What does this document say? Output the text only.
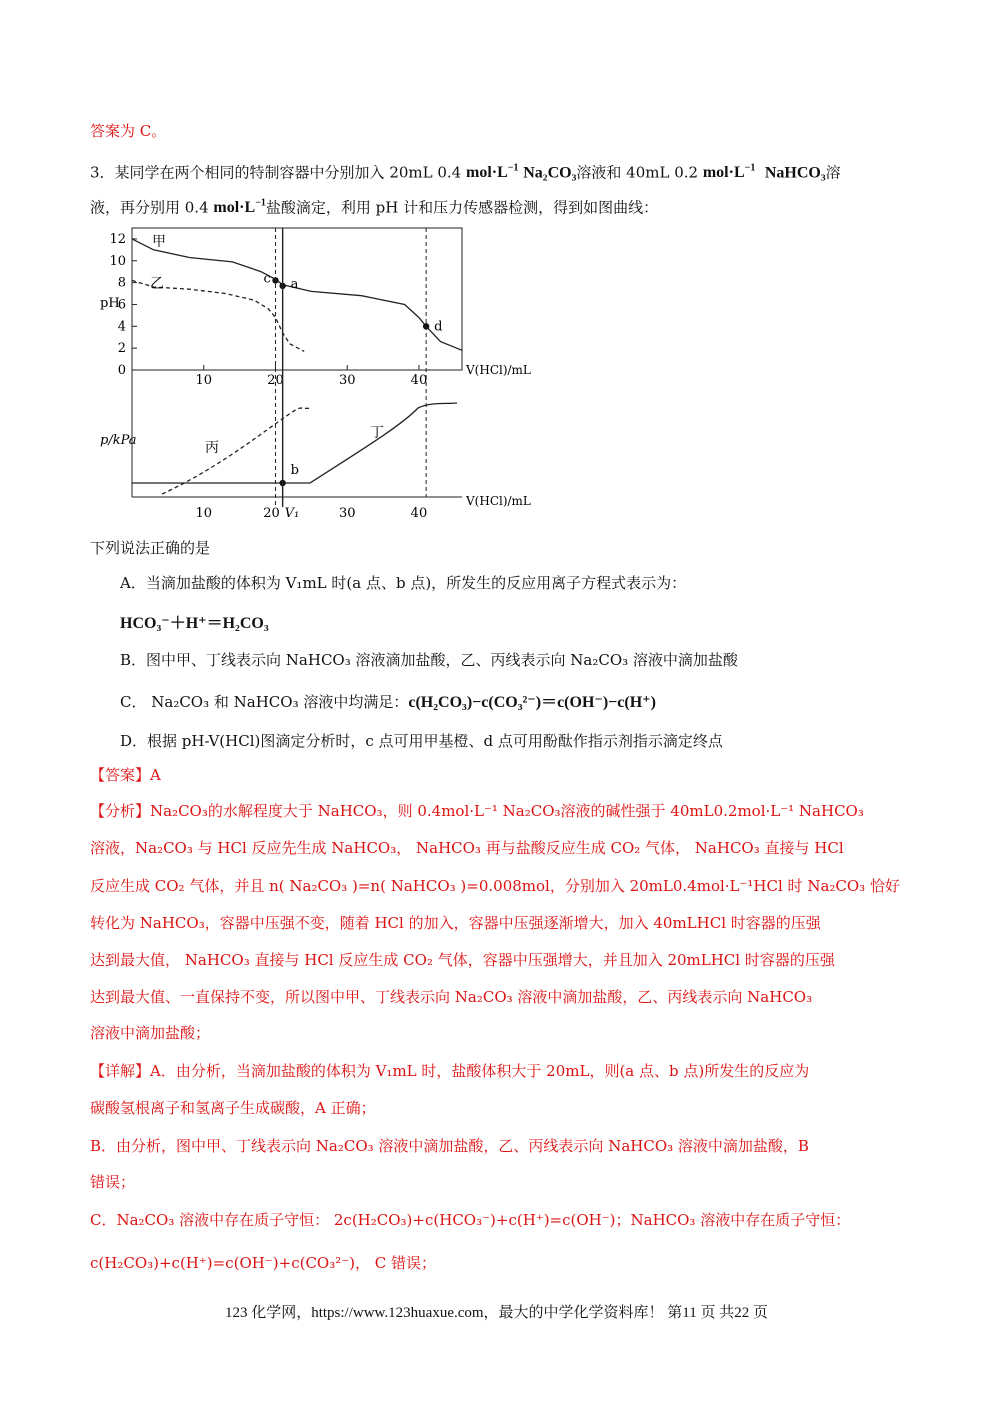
答案为 C。
3．某同学在两个相同的特制容器中分别加入 20mL 0.4 $mol\cdot L^{-1}$ Na₂CO₃溶液和 40mL 0.2 $mol\cdot L^{-1}$ NaHCO₃溶
液，再分别用 0.4 $mol\cdot L^{-1}$盐酸滴定，利用 pH 计和压力传感器检测，得到如图曲线：
pH
V(HCl)/mL
12
10
8
6
4
2
0
10	20	30	40
甲
乙	c a
d
p/kPa
V(HCl)/mL
10	20	30	40
V₁
丙
丁
b
下列说法正确的是
A．当滴加盐酸的体积为 V₁mL 时(a 点、b 点)，所发生的反应用离子方程式表示为：
HCO₃⁻＋H⁺＝H₂CO₃
B．图中甲、丁线表示向 NaHCO₃ 溶液滴加盐酸，乙、丙线表示向 Na₂CO₃ 溶液中滴加盐酸
C． Na₂CO₃ 和 NaHCO₃ 溶液中均满足：c(H₂CO₃)−c(CO₃²⁻)＝c(OH⁻)−c(H⁺)
D．根据 pH-V(HCl)图滴定分析时，c 点可用甲基橙、d 点可用酚酞作指示剂指示滴定终点
【答案】A
【分析】Na₂CO₃的水解程度大于 NaHCO₃，则 0.4mol·L⁻¹ Na₂CO₃溶液的碱性强于 40mL0.2mol·L⁻¹ NaHCO₃
溶液，Na₂CO₃ 与 HCl 反应先生成 NaHCO₃， NaHCO₃ 再与盐酸反应生成 CO₂ 气体， NaHCO₃ 直接与 HCl
反应生成 CO₂ 气体，并且 n( Na₂CO₃ )=n( NaHCO₃ )=0.008mol，分别加入 20mL0.4mol·L⁻¹HCl 时 Na₂CO₃ 恰好
转化为 NaHCO₃，容器中压强不变，随着 HCl 的加入，容器中压强逐渐增大，加入 40mLHCl 时容器的压强
达到最大值， NaHCO₃ 直接与 HCl 反应生成 CO₂ 气体，容器中压强增大，并且加入 20mLHCl 时容器的压强
达到最大值、一直保持不变，所以图中甲、丁线表示向 Na₂CO₃ 溶液中滴加盐酸，乙、丙线表示向 NaHCO₃
溶液中滴加盐酸；
【详解】A．由分析，当滴加盐酸的体积为 V₁mL 时，盐酸体积大于 20mL，则(a 点、b 点)所发生的反应为
碳酸氢根离子和氢离子生成碳酸，A 正确；
B．由分析，图中甲、丁线表示向 Na₂CO₃ 溶液中滴加盐酸，乙、丙线表示向 NaHCO₃ 溶液中滴加盐酸，B
错误；
C．Na₂CO₃ 溶液中存在质子守恒： 2c(H₂CO₃)+c(HCO₃⁻)+c(H⁺)=c(OH⁻)；NaHCO₃ 溶液中存在质子守恒：
c(H₂CO₃)+c(H⁺)=c(OH⁻)+c(CO₃²⁻)， C 错误；
123 化学网，https://www.123huaxue.com，最大的中学化学资料库！ 第11 页 共22 页
